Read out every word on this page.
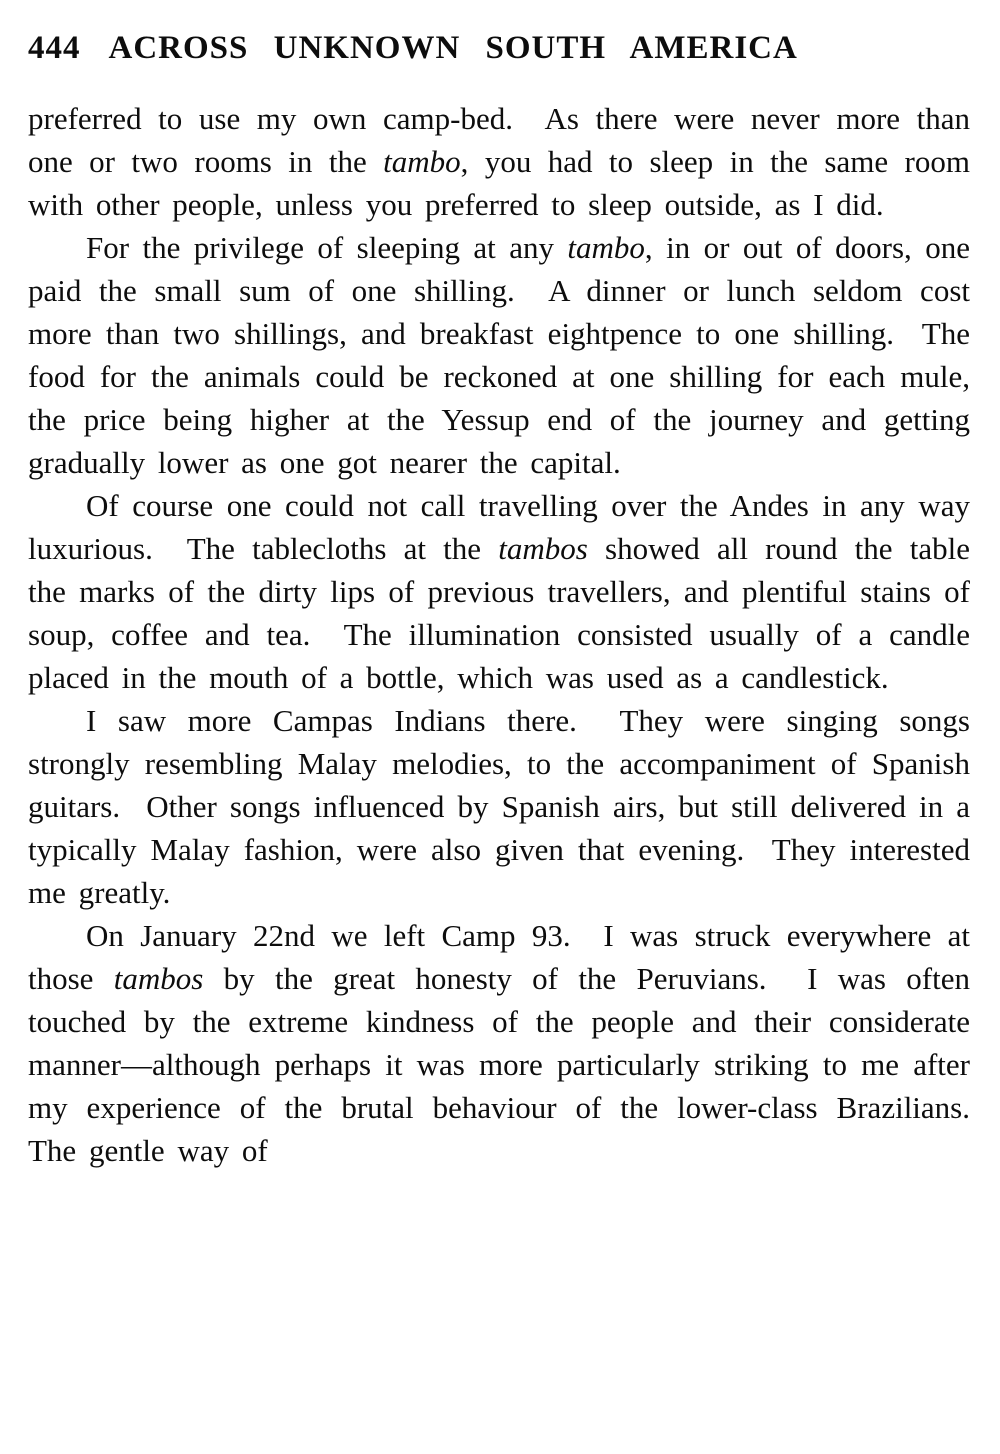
444 ACROSS UNKNOWN SOUTH AMERICA

preferred to use my own camp-bed.  As there were never more than one or two rooms in the tambo, you had to sleep in the same room with other people, unless you preferred to sleep outside, as I did.

For the privilege of sleeping at any tambo, in or out of doors, one paid the small sum of one shilling.  A dinner or lunch seldom cost more than two shillings, and breakfast eightpence to one shilling.  The food for the animals could be reckoned at one shilling for each mule, the price being higher at the Yessup end of the journey and getting gradually lower as one got nearer the capital.

Of course one could not call travelling over the Andes in any way luxurious.  The tablecloths at the tambos showed all round the table the marks of the dirty lips of previous travellers, and plentiful stains of soup, coffee and tea.  The illumination consisted usually of a candle placed in the mouth of a bottle, which was used as a candlestick.

I saw more Campas Indians there.  They were singing songs strongly resembling Malay melodies, to the accompaniment of Spanish guitars.  Other songs influenced by Spanish airs, but still delivered in a typically Malay fashion, were also given that evening.  They interested me greatly.

On January 22nd we left Camp 93.  I was struck everywhere at those tambos by the great honesty of the Peruvians.  I was often touched by the extreme kindness of the people and their considerate manner—although perhaps it was more particularly striking to me after my experience of the brutal behaviour of the lower-class Brazilians.  The gentle way of
